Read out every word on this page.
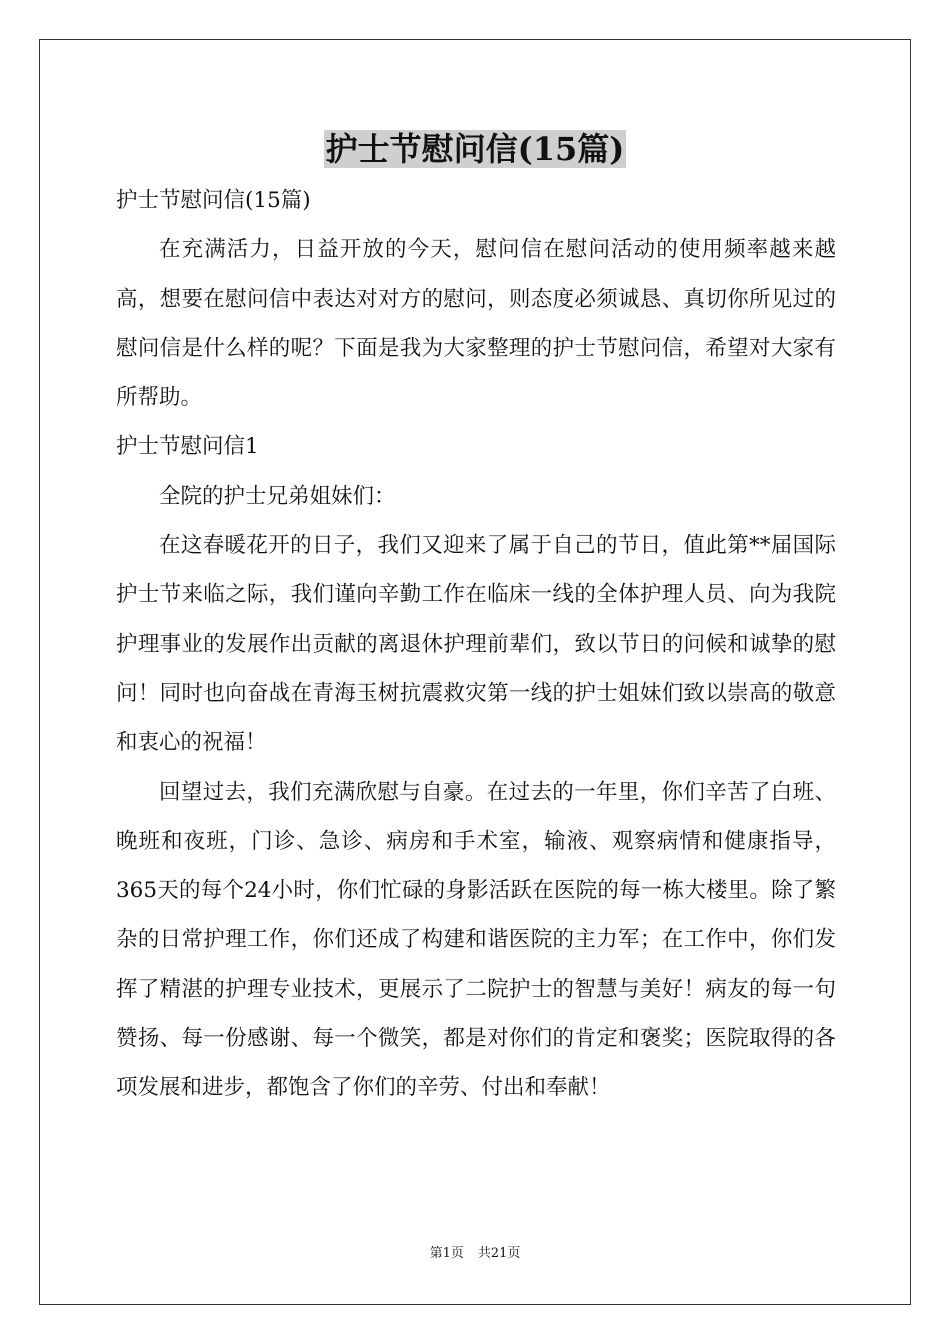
护士节慰问信(15篇)

护士节慰问信(15篇)

在充满活力，日益开放的今天，慰问信在慰问活动的使用频率越来越高，想要在慰问信中表达对对方的慰问，则态度必须诚恳、真切你所见过的慰问信是什么样的呢？下面是我为大家整理的护士节慰问信，希望对大家有所帮助。

护士节慰问信1

全院的护士兄弟姐妹们：

在这春暖花开的日子，我们又迎来了属于自己的节日，值此第**届国际护士节来临之际，我们谨向辛勤工作在临床一线的全体护理人员、向为我院护理事业的发展作出贡献的离退休护理前辈们，致以节日的问候和诚挚的慰问！同时也向奋战在青海玉树抗震救灾第一线的护士姐妹们致以崇高的敬意和衷心的祝福！

回望过去，我们充满欣慰与自豪。在过去的一年里，你们辛苦了白班、晚班和夜班，门诊、急诊、病房和手术室，输液、观察病情和健康指导，365天的每个24小时，你们忙碌的身影活跃在医院的每一栋大楼里。除了繁杂的日常护理工作，你们还成了构建和谐医院的主力军；在工作中，你们发挥了精湛的护理专业技术，更展示了二院护士的智慧与美好！病友的每一句赞扬、每一份感谢、每一个微笑，都是对你们的肯定和褒奖；医院取得的各项发展和进步，都饱含了你们的辛劳、付出和奉献！

第1页 共21页
